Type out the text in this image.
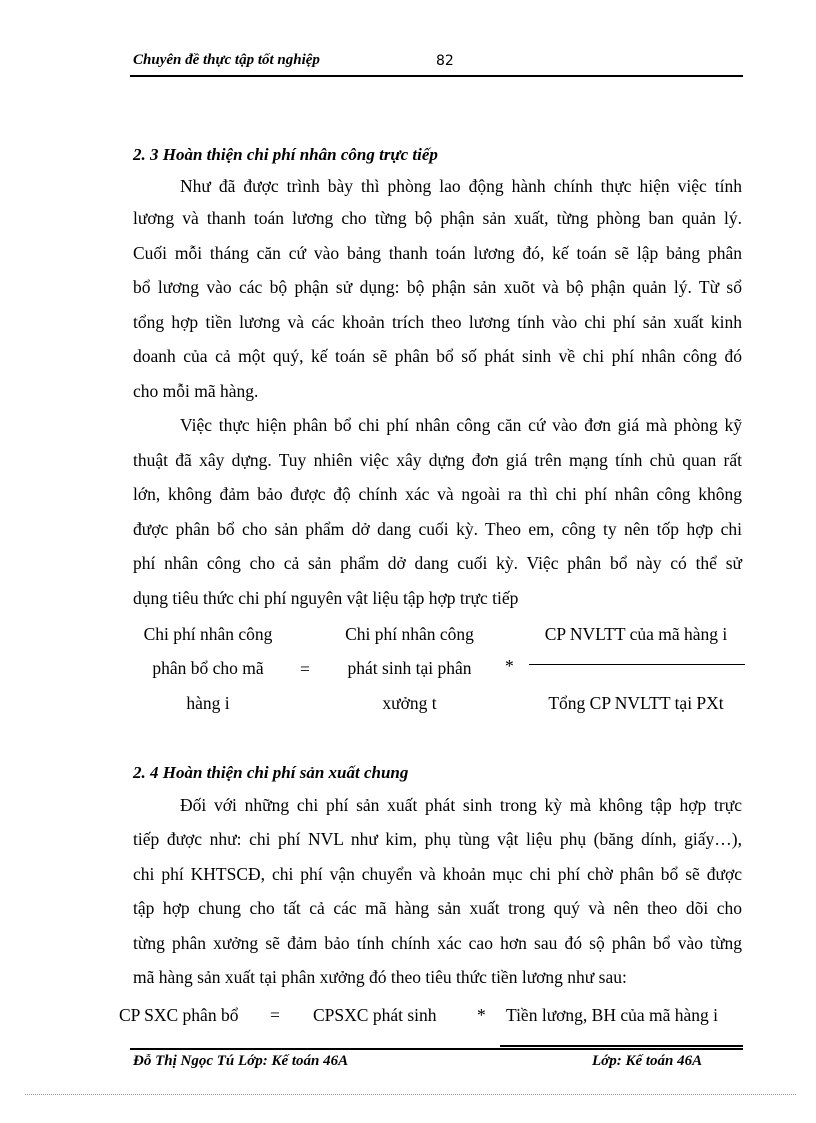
Chuyên đề thực tập tốt nghiệp	82
2. 3 Hoàn thiện chi phí nhân công trực tiếp
Như đã được trình bày thì phòng lao động hành chính thực hiện việc tính
lương và thanh toán lương cho từng bộ phận sản xuất, từng phòng ban quản lý.
Cuối mỗi tháng căn cứ vào bảng thanh toán lương đó, kế toán sẽ lập bảng phân
bổ lương vào các bộ phận sử dụng: bộ phận sản xuõt và bộ phận quản lý. Từ sổ
tổng hợp tiền lương và các khoản trích theo lương tính vào chi phí sản xuất kinh
doanh của cả một quý, kế toán sẽ phân bổ số phát sinh về chi phí nhân công đó
cho mỗi mã hàng.
Việc thực hiện phân bổ chi phí nhân công căn cứ vào đơn giá mà phòng kỹ
thuật đã xây dựng. Tuy nhiên việc xây dựng đơn giá trên mạng tính chủ quan rất
lớn, không đảm bảo được độ chính xác và ngoài ra thì chi phí nhân công không
được phân bổ cho sản phẩm dở dang cuối kỳ. Theo em, công ty nên tốp hợp chi
phí nhân công cho cả sản phẩm dở dang cuối kỳ. Việc phân bổ này có thể sử
dụng tiêu thức chi phí nguyên vật liệu tập hợp trực tiếp
Chi phí nhân công
phân bổ cho mã
hàng i
=
Chi phí nhân công
phát sinh tại phân
xưởng t
*
CP NVLTT của mã hàng i
Tổng CP NVLTT tại PXt
2. 4 Hoàn thiện chi phí sản xuất chung
Đối với những chi phí sản xuất phát sinh trong kỳ mà không tập hợp trực
tiếp được như: chi phí NVL như kim, phụ tùng vật liệu phụ (băng dính, giấy…),
chi phí KHTSCĐ, chi phí vận chuyển và khoản mục chi phí chờ phân bổ sẽ được
tập hợp chung cho tất cả các mã hàng sản xuất trong quý và nên theo dõi cho
từng phân xưởng sẽ đảm bảo tính chính xác cao hơn sau đó sộ phân bổ vào từng
mã hàng sản xuất tại phân xưởng đó theo tiêu thức tiền lương như sau:
CP SXC phân bổ = CPSXC phát sinh * Tiền lương, BH của mã hàng i
Đỗ Thị Ngọc Tú Lớp: Kế toán 46A	Lớp: Kế toán 46A
